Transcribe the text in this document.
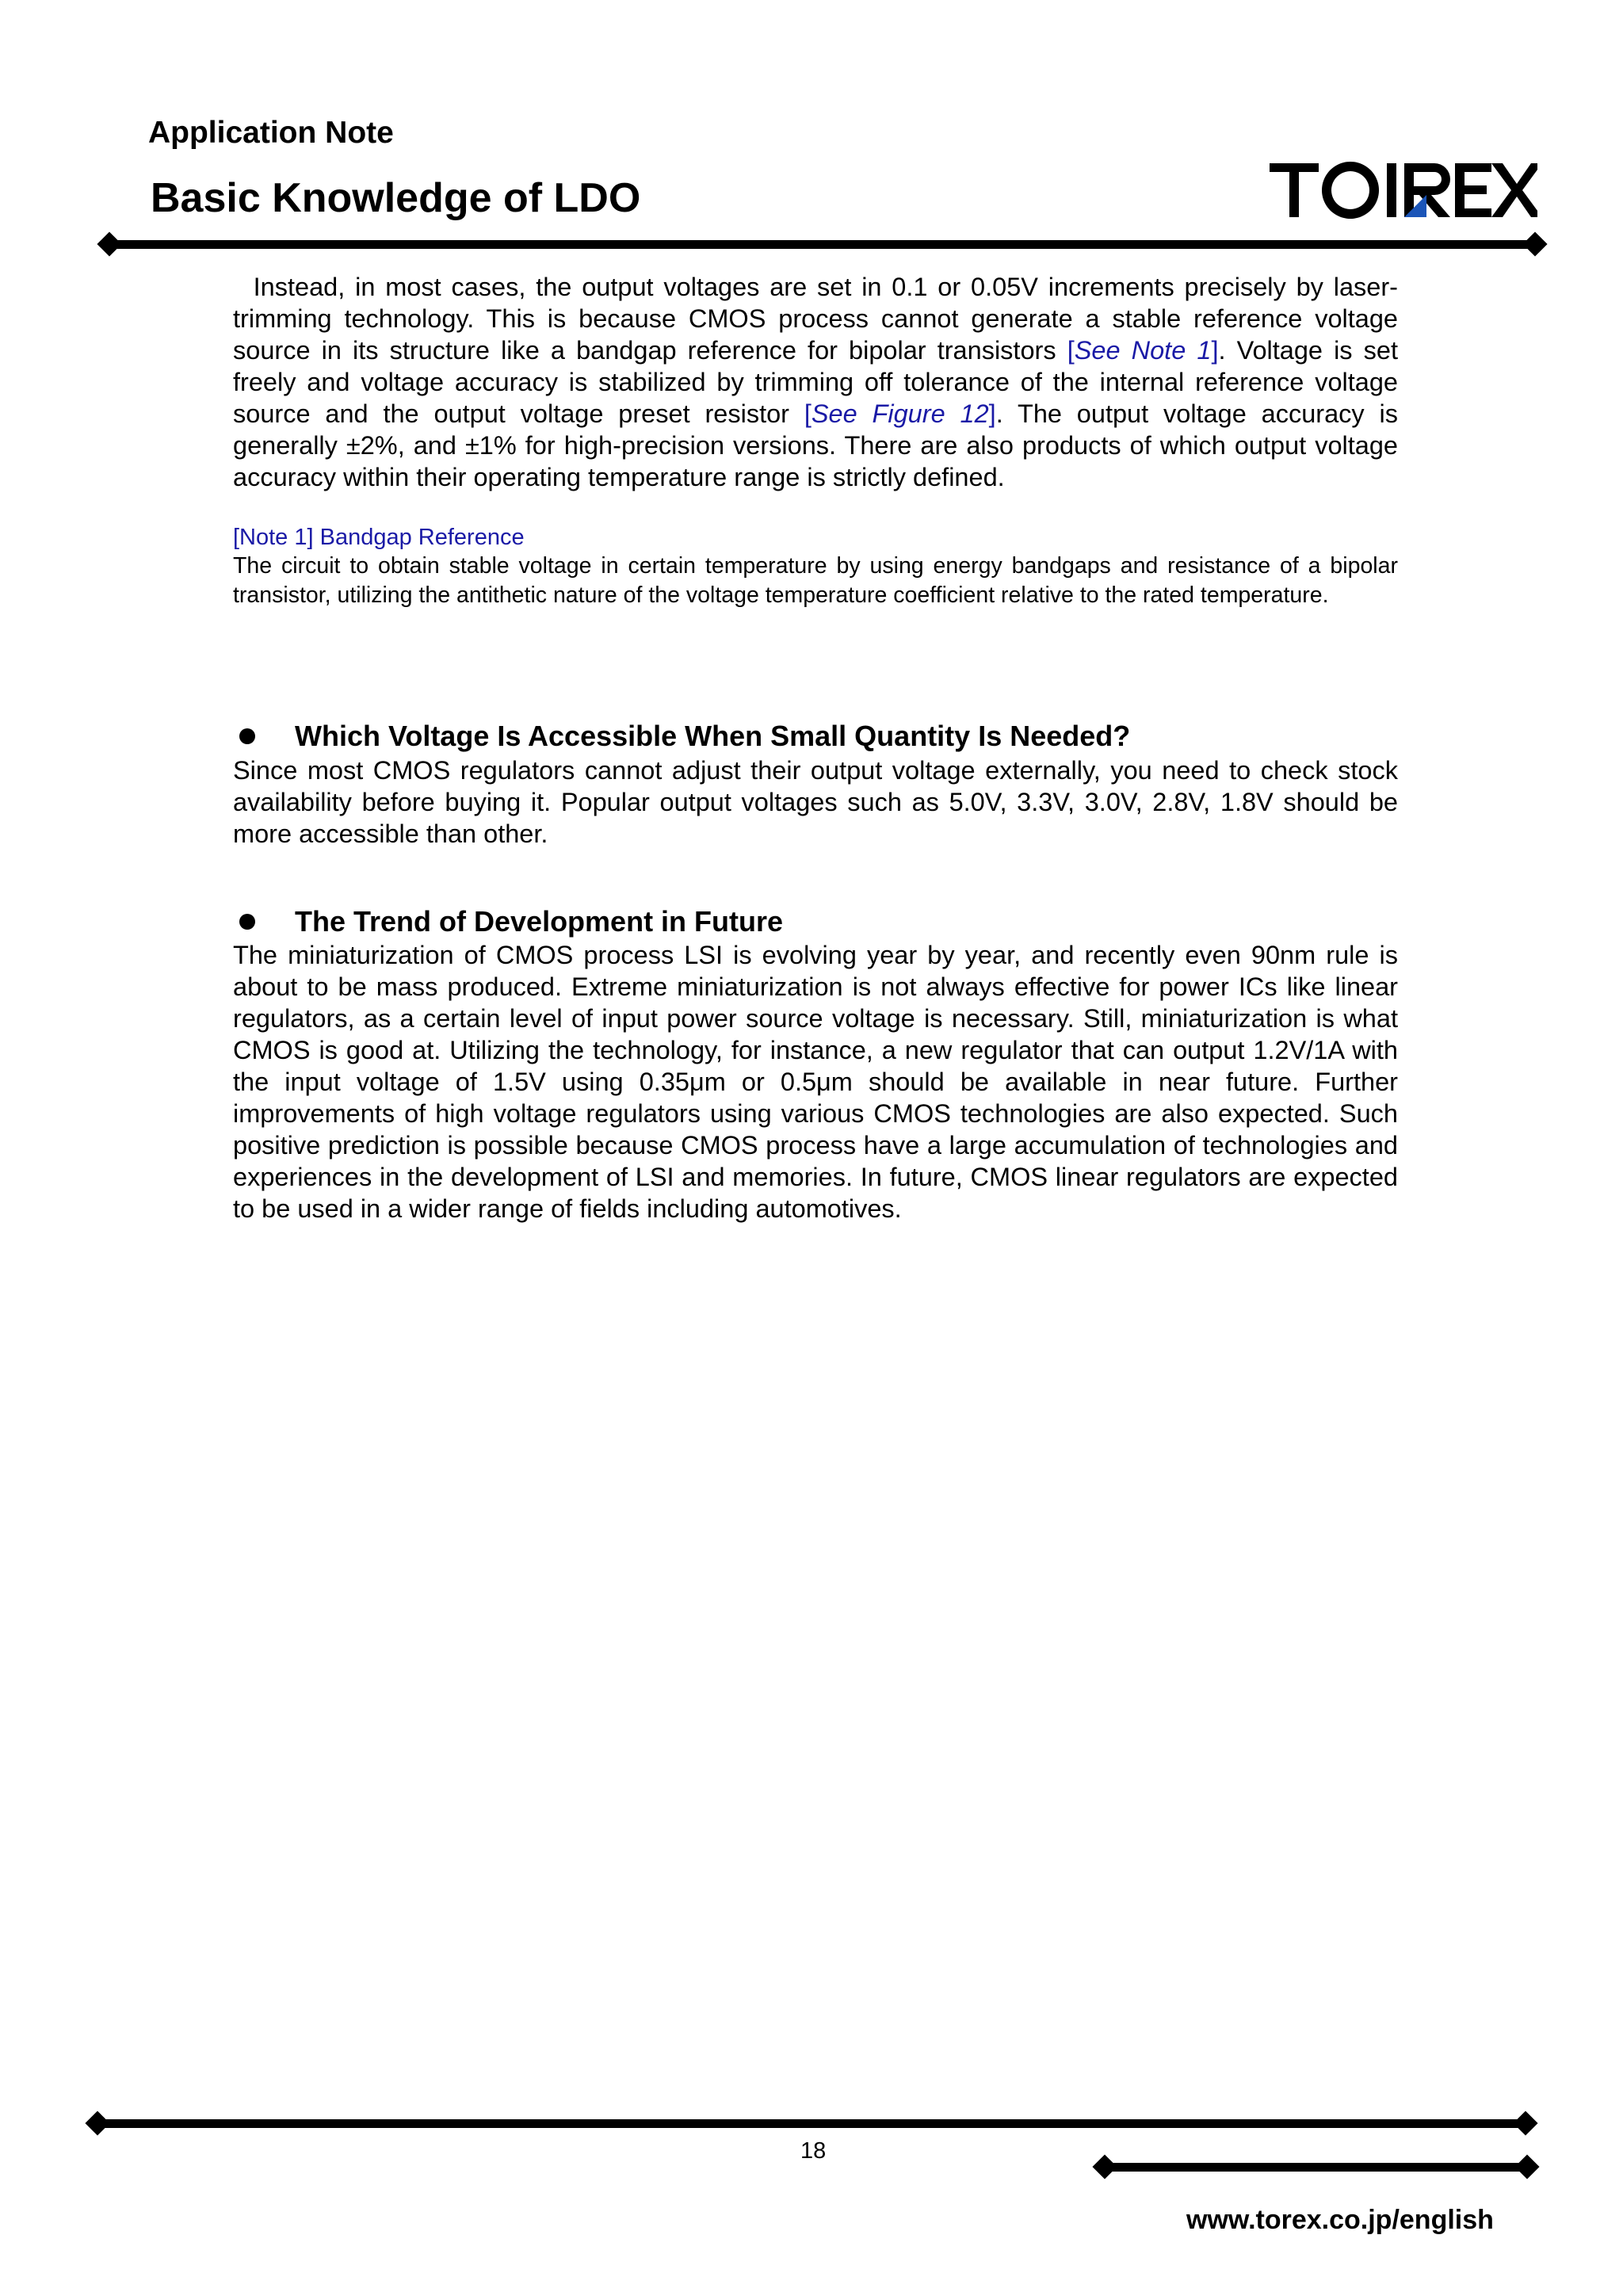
Application Note
Basic Knowledge of LDO

Instead, in most cases, the output voltages are set in 0.1 or 0.05V increments precisely by laser-trimming technology. This is because CMOS process cannot generate a stable reference voltage source in its structure like a bandgap reference for bipolar transistors [See Note 1]. Voltage is set freely and voltage accuracy is stabilized by trimming off tolerance of the internal reference voltage source and the output voltage preset resistor [See Figure 12]. The output voltage accuracy is generally ±2%, and ±1% for high-precision versions. There are also products of which output voltage accuracy within their operating temperature range is strictly defined.

[Note 1] Bandgap Reference
The circuit to obtain stable voltage in certain temperature by using energy bandgaps and resistance of a bipolar transistor, utilizing the antithetic nature of the voltage temperature coefficient relative to the rated temperature.
Which Voltage Is Accessible When Small Quantity Is Needed?

Since most CMOS regulators cannot adjust their output voltage externally, you need to check stock availability before buying it. Popular output voltages such as 5.0V, 3.3V, 3.0V, 2.8V, 1.8V should be more accessible than other.

The Trend of Development in Future

The miniaturization of CMOS process LSI is evolving year by year, and recently even 90nm rule is about to be mass produced. Extreme miniaturization is not always effective for power ICs like linear regulators, as a certain level of input power source voltage is necessary. Still, miniaturization is what CMOS is good at. Utilizing the technology, for instance, a new regulator that can output 1.2V/1A with the input voltage of 1.5V using 0.35μm or 0.5μm should be available in near future. Further improvements of high voltage regulators using various CMOS technologies are also expected. Such positive prediction is possible because CMOS process have a large accumulation of technologies and experiences in the development of LSI and memories. In future, CMOS linear regulators are expected to be used in a wider range of fields including automotives.

18
www.torex.co.jp/english
